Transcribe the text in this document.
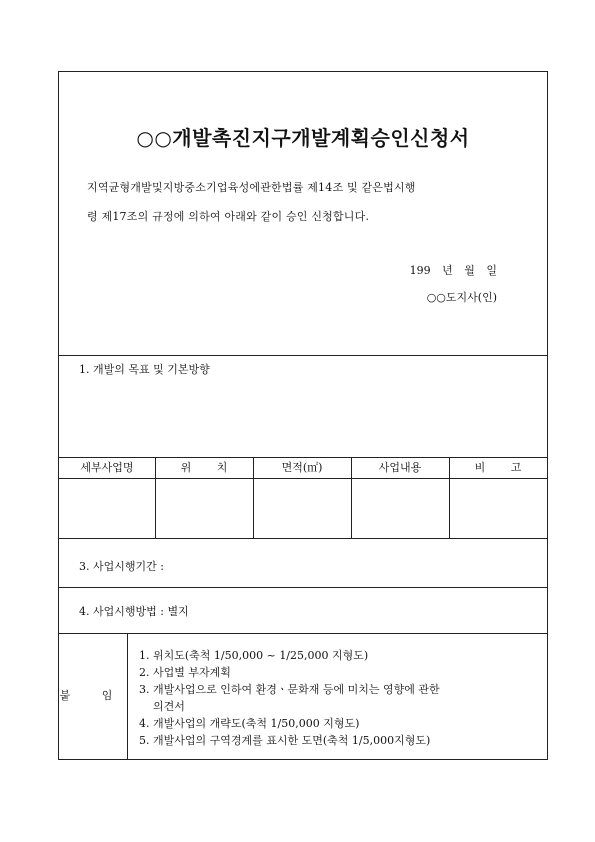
○○개발촉진지구개발계획승인신청서
지역균형개발및지방중소기업육성에관한법률 제14조 및 같은법시행
령 제17조의 규정에 의하여 아래와 같이 승인 신청합니다.
199 년 월 일
○○도지사(인)
1. 개발의 목표 및 기본방향
세부사업명	위 치	면적(㎡)	사업내용	비 고
3. 사업시행기간 :
4. 사업시행방법 : 별지
붙 임
1. 위치도(축척 1/50,000 ~ 1/25,000 지형도)
2. 사업별 부자계획
3. 개발사업으로 인하여 환경ㆍ문화재 등에 미치는 영향에 관한
의견서
4. 개발사업의 개략도(축척 1/50,000 지형도)
5. 개발사업의 구역경계를 표시한 도면(축척 1/5,000지형도)
